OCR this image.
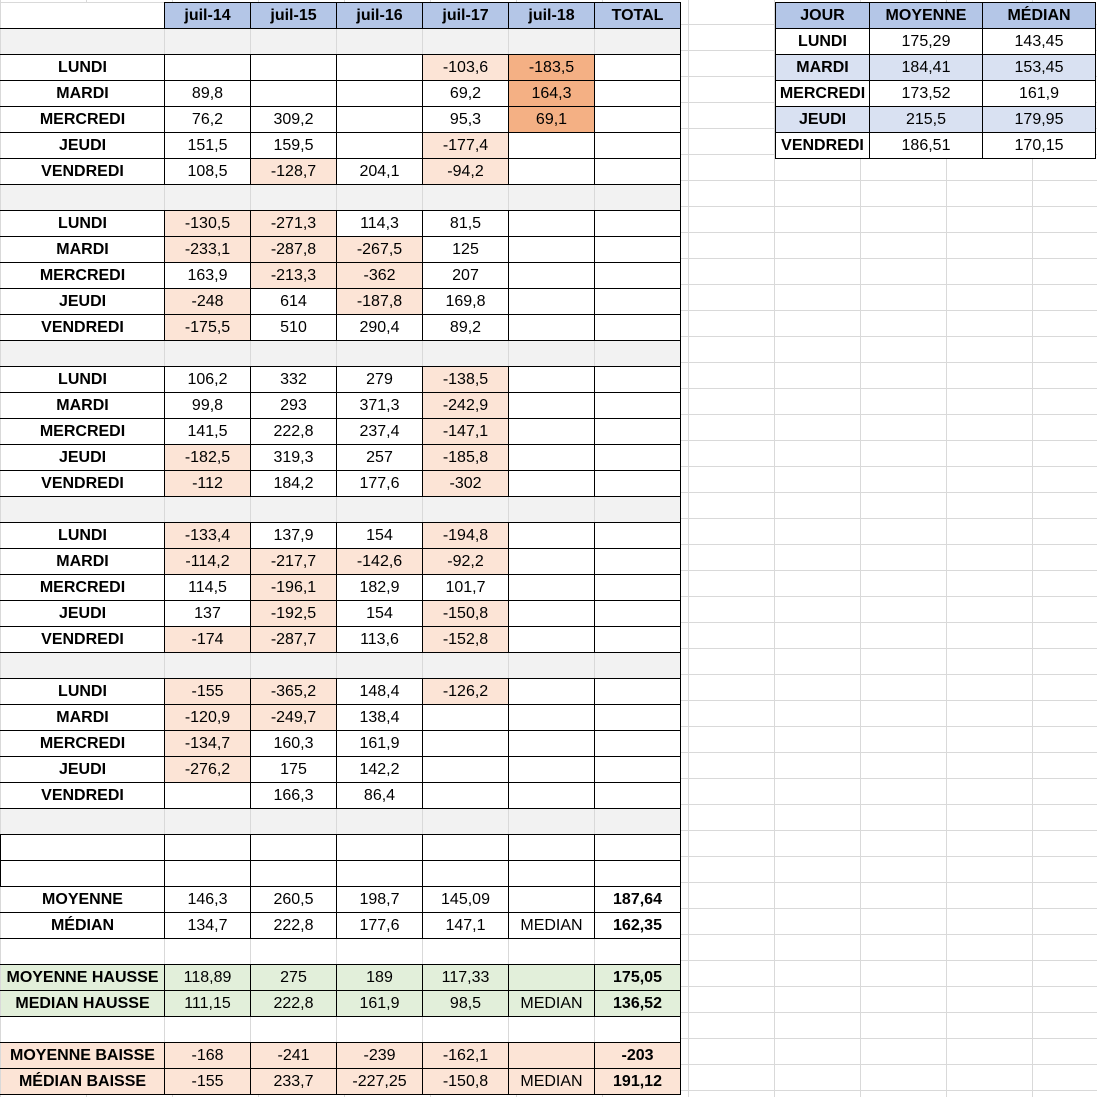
	juil-14	juil-15	juil-16	juil-17	juil-18	TOTAL

LUNDI				-103,6	-183,5	
MARDI	89,8			69,2	164,3	
MERCREDI	76,2	309,2		95,3	69,1	
JEUDI	151,5	159,5		-177,4		
VENDREDI	108,5	-128,7	204,1	-94,2		

LUNDI	-130,5	-271,3	114,3	81,5		
MARDI	-233,1	-287,8	-267,5	125		
MERCREDI	163,9	-213,3	-362	207		
JEUDI	-248	614	-187,8	169,8		
VENDREDI	-175,5	510	290,4	89,2		

LUNDI	106,2	332	279	-138,5		
MARDI	99,8	293	371,3	-242,9		
MERCREDI	141,5	222,8	237,4	-147,1		
JEUDI	-182,5	319,3	257	-185,8		
VENDREDI	-112	184,2	177,6	-302		

LUNDI	-133,4	137,9	154	-194,8		
MARDI	-114,2	-217,7	-142,6	-92,2		
MERCREDI	114,5	-196,1	182,9	101,7		
JEUDI	137	-192,5	154	-150,8		
VENDREDI	-174	-287,7	113,6	-152,8		

LUNDI	-155	-365,2	148,4	-126,2		
MARDI	-120,9	-249,7	138,4			
MERCREDI	-134,7	160,3	161,9			
JEUDI	-276,2	175	142,2			
VENDREDI		166,3	86,4			

MOYENNE	146,3	260,5	198,7	145,09		187,64
MÉDIAN	134,7	222,8	177,6	147,1	MEDIAN	162,35

MOYENNE HAUSSE	118,89	275	189	117,33		175,05
MEDIAN HAUSSE	111,15	222,8	161,9	98,5	MEDIAN	136,52

MOYENNE BAISSE	-168	-241	-239	-162,1		-203
MÉDIAN BAISSE	-155	233,7	-227,25	-150,8	MEDIAN	191,12
JOUR	MOYENNE	MÉDIAN
LUNDI	175,29	143,45
MARDI	184,41	153,45
MERCREDI	173,52	161,9
JEUDI	215,5	179,95
VENDREDI	186,51	170,15
